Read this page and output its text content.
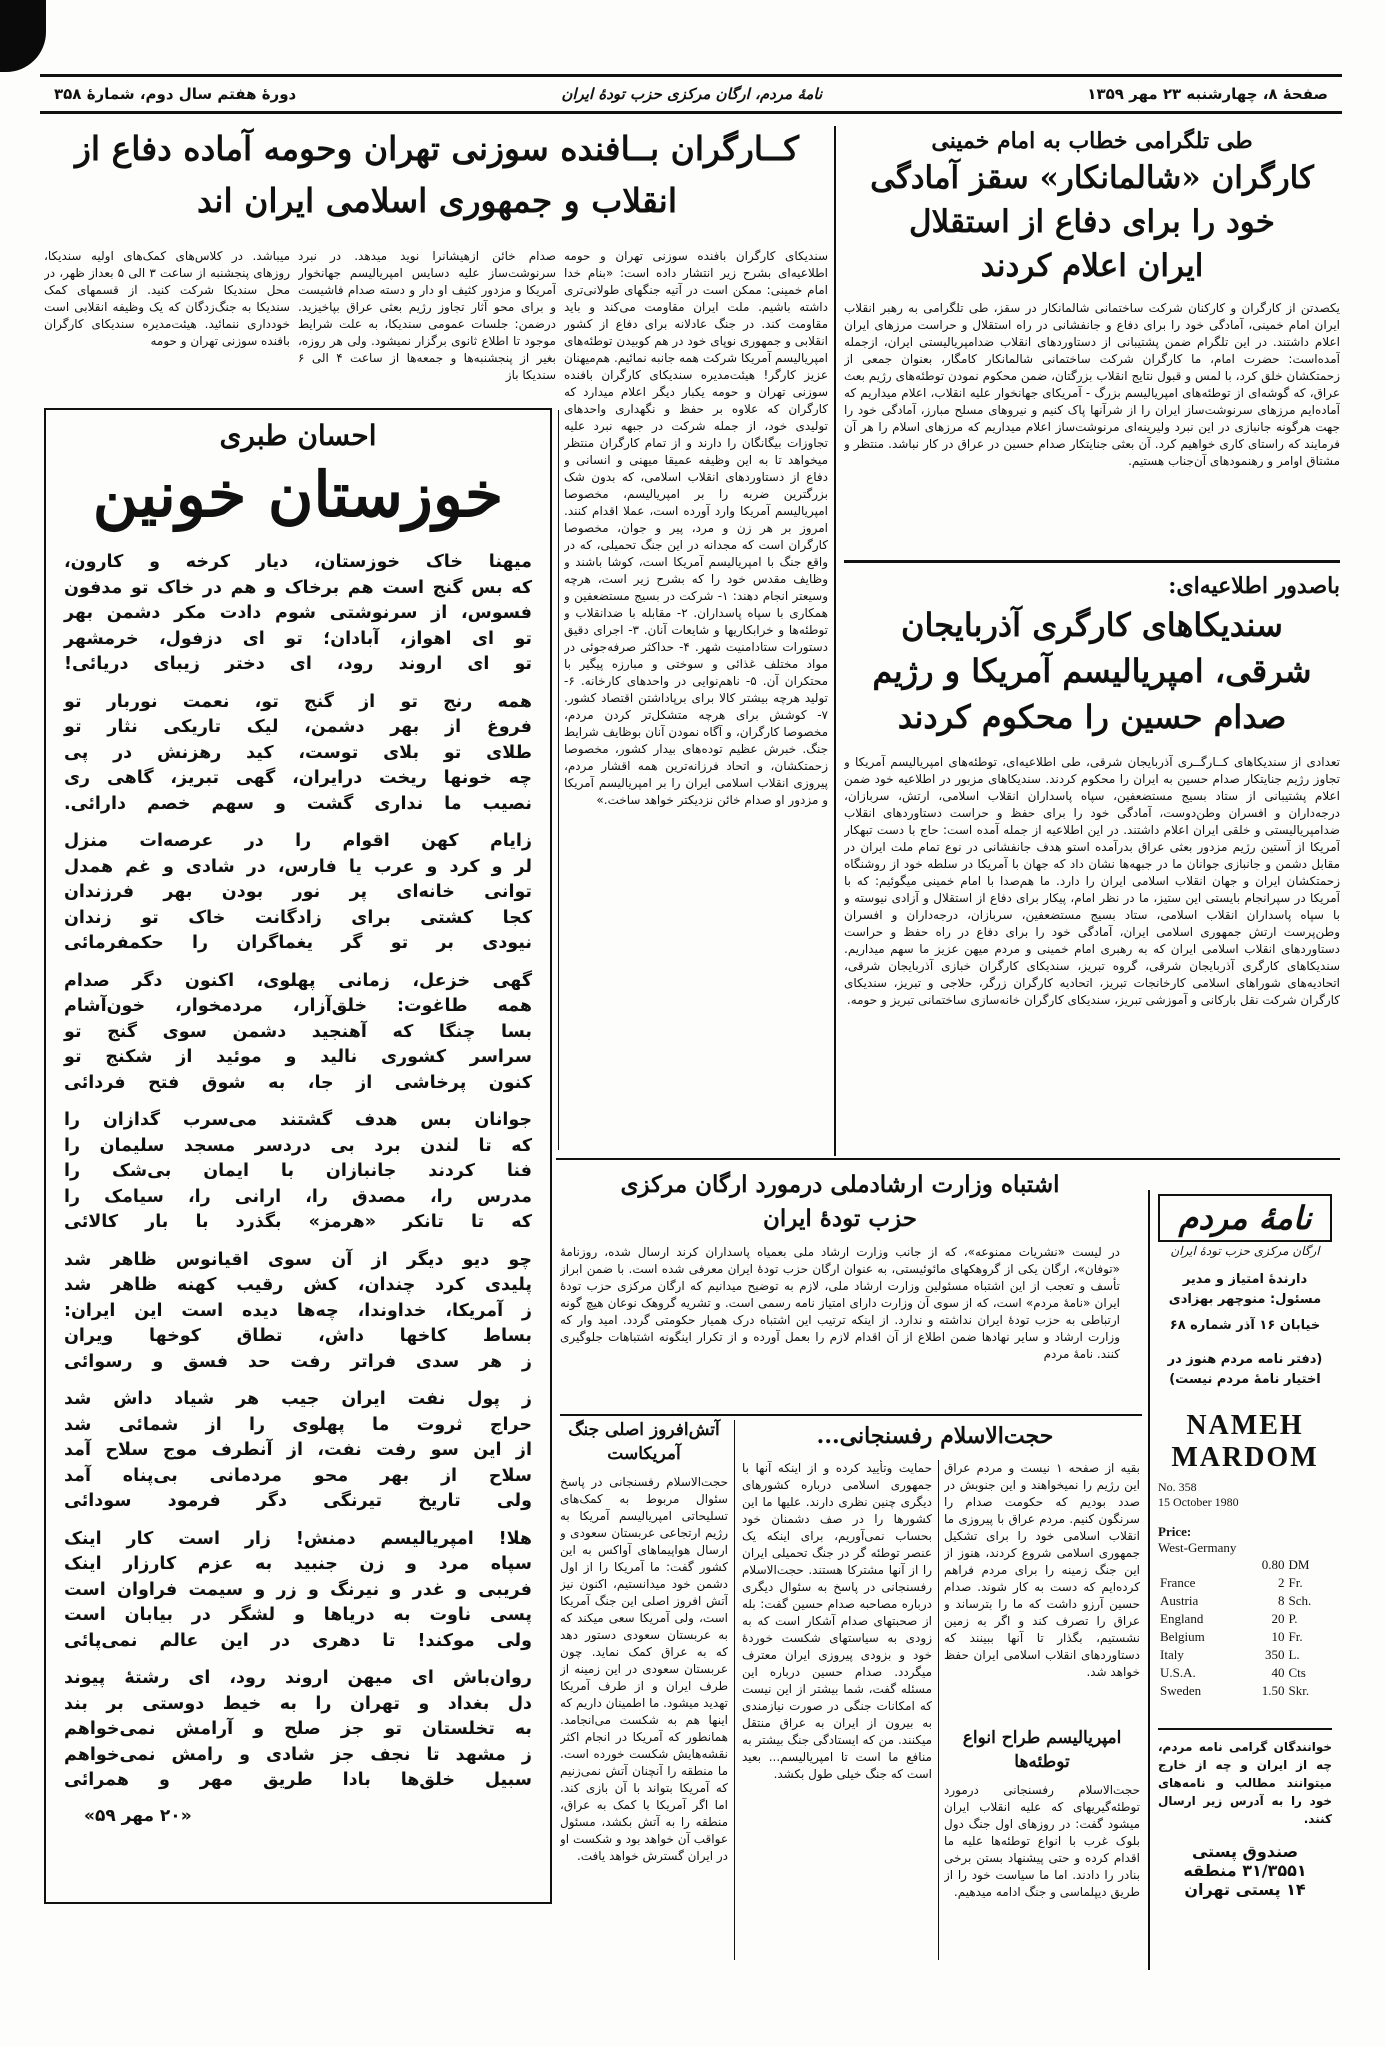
صفحهٔ ۸، چهارشنبه ۲۳ مهر ۱۳۵۹
نامهٔ مردم، ارگان مرکزی حزب تودهٔ ایران
دورهٔ هفتم سال دوم، شمارهٔ ۳۵۸
کــارگران بــافنده سوزنی تهران وحومه آماده دفاع از
انقلاب و جمهوری اسلامی ایران اند
سندیکای کارگران بافنده سوزنی تهران و حومه اطلاعیه‌ای بشرح زیر انتشار داده است: «بنام خدا امام خمینی: ممکن است در آتیه جنگهای طولانی‌تری داشته باشیم. ملت ایران مقاومت می‌کند و باید مقاومت کند. در جنگ عادلانه برای دفاع از کشور انقلابی و جمهوری نوپای خود در هم کوبیدن توطئه‌های امپریالیسم آمریکا شرکت همه جانبه نمائیم. هم‌میهنان عزیز کارگر! هیئت‌مدیره سندیکای کارگران بافنده سوزنی تهران و حومه یکبار دیگر اعلام میدارد که کارگران که علاوه بر حفظ و نگهداری واحدهای تولیدی خود، از جمله شرکت در جبهه نبرد علیه تجاوزات بیگانگان را دارند و از تمام کارگران منتظر میخواهد تا به این وظیفه عمیقا میهنی و انسانی و دفاع از دستاوردهای انقلاب اسلامی، که بدون شک بزرگترین ضربه را بر امپریالیسم، مخصوصا امپریالیسم آمریکا وارد آورده است، عملا اقدام کنند. امروز بر هر زن و مرد، پیر و جوان، مخصوصا کارگران است که مجدانه در این جنگ تحمیلی، که در واقع جنگ با امپریالیسم آمریکا است، کوشا باشند و وظایف مقدس خود را که بشرح زیر است، هرچه وسیعتر انجام دهند: ۱- شرکت در بسیج مستضعفین و همکاری با سپاه پاسداران. ۲- مقابله با ضدانقلاب و توطئه‌ها و خرابکاریها و شایعات آنان. ۳- اجرای دقیق دستورات ستادامنیت شهر. ۴- حداکثر صرفه‌جوئی در مواد مختلف غذائی و سوختی و مبارزه پیگیر با محتکران آن. ۵- ناهم‌نوایی در واحدهای کارخانه. ۶- تولید هرچه بیشتر کالا برای برپاداشتن اقتصاد کشور. ۷- کوشش برای هرچه متشکل‌تر کردن مردم، مخصوصا کارگران، و آگاه نمودن آنان بوظایف شرایط جنگ. خبرش عظیم توده‌های بیدار کشور، مخصوصا زحمتکشان، و اتحاد فرزانه‌ترین همه اقشار مردم، پیروزی انقلاب اسلامی ایران را بر امپریالیسم آمریکا و مزدور او صدام خائن نزدیکتر خواهد ساخت.»
صدام خائن ازهیشانرا نوید میدهد. در نبرد سرنوشت‌ساز علیه دسایس امپریالیسم جهانخوار آمریکا و مزدور کثیف او دار و دسته صدام فاشیست و برای محو آثار تجاوز رژیم بعثی عراق بپاخیزید. درضمن: جلسات عمومی سندیکا، به علت شرایط موجود تا اطلاع ثانوی برگزار نمیشود. ولی هر روزه، بغیر از پنجشنبه‌ها و جمعه‌ها از ساعت ۴ الی ۶ سندیکا باز
میباشد. در کلاس‌های کمک‌های اولیه سندیکا، روزهای پنجشنبه از ساعت ۳ الی ۵ بعداز ظهر، در محل سندیکا شرکت کنید. از قسمهای کمک سندیکا به جنگ‌زدگان که یک وظیفه انقلابی است خودداری ننمائید. هیئت‌مدیره سندیکای کارگران بافنده سوزنی تهران و حومه
احسان طبری
خوزستان خونین

میهنا خاک خوزستان، دیار کرخه و کارون،
که بس گنج است هم برخاک و هم در خاک تو مدفون
فسوس، از سرنوشتی شوم دادت مکر دشمن بهر
تو ای اهواز، آبادان؛ تو ای دزفول، خرمشهر
تو ای اروند رود، ای دختر زیبای دریائی!

همه رنج تو از گنج تو، نعمت نوربار تو
فروغ از بهر دشمن، لیک تاریکی نثار تو
طلای تو بلای توست، کید رهزنش در پی
چه خونها ریخت درایران، گهی تبریز، گاهی ری
نصیب ما نداری گشت و سهم خصم دارائی.

زایام کهن اقوام را در عرصه‌ات منزل
لر و کرد و عرب یا فارس، در شادی و غم همدل
توانی خانه‌ای پر نور بودن بهر فرزندان
کجا کشتی برای زادگانت خاک تو زندان
نیودی بر تو گر یغماگران را حکمفرمائی

گهی خزعل، زمانی پهلوی، اکنون دگر صدام
همه طاغوت: خلق‌آزار، مردمخوار، خون‌آشام
بسا چنگا که آهنجید دشمن سوی گنج تو
سراسر کشوری نالید و موئید از شکنج تو
کنون پرخاشی از جا، به شوق فتح فردائی

جوانان بس هدف گشتند می‌سرب گدازان را
که تا لندن برد بی دردسر مسجد سلیمان را
فنا کردند جانبازان با ایمان بی‌شک را
مدرس را، مصدق را، ارانی را، سیامک را
که تا تانکر «هرمز» بگذرد با بار کالائی

چو دیو دیگر از آن سوی اقیانوس ظاهر شد
پلیدی کرد چندان، کش رقیب کهنه ظاهر شد
ز آمریکا، خداوندا، چه‌ها دیده است این ایران:
بساط کاخها داش، تطاق کوخها ویران
ز هر سدی فراتر رفت حد فسق و رسوائی

ز پول نفت ایران جیب هر شیاد داش شد
حراج ثروت ما پهلوی را از شمائی شد
از این سو رفت نفت، از آنطرف موج سلاح آمد
سلاح از بهر محو مردمانی بی‌پناه آمد
ولی تاریخ تیرنگی دگر فرمود سودائی

هلا! امپریالیسم دمنش! زار است کار اینک
سپاه مرد و زن جنبید به عزم کارزار اینک
فریبی و غدر و نیرنگ و زر و سیمت فراوان است
پسی ناوت به دریاها و لشگر در بیابان است
ولی موکند! تا دهری در این عالم نمی‌پائی

روان‌باش ای میهن اروند رود، ای رشتهٔ پیوند
دل بغداد و تهران را به خیط دوستی بر بند
به تخلستان تو جز صلح و آرامش نمی‌خواهم
ز مشهد تا نجف جز شادی و رامش نمی‌خواهم
سبیل خلق‌ها بادا طریق مهر و همرائی

«۲۰ مهر ۵۹»
طی تلگرامی خطاب به امام خمینی
کارگران «شالمانکار» سقز آمادگی
خود را برای دفاع از استقلال
ایران اعلام کردند
یکصدتن از کارگران و کارکنان شرکت ساختمانی شالمانکار در سقز، طی تلگرامی به رهبر انقلاب ایران امام خمینی، آمادگی خود را برای دفاع و جانفشانی در راه استقلال و حراست مرزهای ایران اعلام داشتند. در این تلگرام ضمن پشتیبانی از دستاوردهای انقلاب ضدامپریالیستی ایران، ازجمله آمده‌است: حضرت امام، ما کارگران شرکت ساختمانی شالمانکار کامگار، بعنوان جمعی از زحمتکشان خلق کرد، با لمس و قبول نتایج انقلاب بزرگتان، ضمن محکوم نمودن توطئه‌های رژیم بعث عراق، که گوشه‌ای از توطئه‌های امپریالیسم بزرگ - آمریکای جهانخوار علیه انقلاب، اعلام میداریم که آماده‌ایم مرزهای سرنوشت‌ساز ایران را از شرآنها پاک کنیم و نیروهای مسلح مبارز، آمادگی خود را جهت هرگونه جانبازی در این نبرد ولیرینه‌ای مرنوشت‌ساز اعلام میداریم که مرزهای اسلام را هر آن فرمایند که راستای کاری خواهیم کرد. آن بعثی جنایتکار صدام حسین در عراق در کار نباشد. منتظر و مشتاق اوامر و رهنمودهای آن‌جناب هستیم.
باصدور اطلاعیه‌ای:
سندیکاهای کارگری آذربایجان
شرقی، امپریالیسم آمریکا و رژیم
صدام حسین را محکوم کردند
تعدادی از سندیکاهای کــارگــری آذربایجان شرقی، طی اطلاعیه‌ای، توطئه‌های امپریالیسم آمریکا و تجاوز رژیم جنایتکار صدام حسین به ایران را محکوم کردند. سندیکاهای مزبور در اطلاعیه خود ضمن اعلام پشتیبانی از ستاد بسیج مستضعفین، سپاه پاسداران انقلاب اسلامی، ارتش، سربازان، درجه‌داران و افسران وطن‌دوست، آمادگی خود را برای حفظ و حراست دستاوردهای انقلاب ضدامپریالیستی و خلقی ایران اعلام داشتند. در این اطلاعیه از جمله آمده است: حاج با دست تبهکار آمریکا از آستین رژیم مزدور بعثی عراق بدرآمده استو هدف جانفشانی در نوع تمام ملت ایران در مقابل دشمن و جانبازی جوانان ما در جبهه‌ها نشان داد که جهان با آمریکا در سلطه خود از روشنگاه زحمتکشان ایران و جهان انقلاب اسلامی ایران را دارد. ما هم‌صدا با امام خمینی میگوئیم: که با آمریکا در سپرانجام بایستی این ستیز، ما در نظر امام، پیکار برای دفاع از استقلال و آزادی نیوسته و با سپاه پاسداران انقلاب اسلامی، ستاد بسیج مستضعفین، سربازان، درجه‌داران و افسران وطن‌پرست ارتش جمهوری اسلامی ایران، آمادگی خود را برای دفاع در راه حفظ و حراست دستاوردهای انقلاب اسلامی ایران که به رهبری امام خمینی و مردم میهن عزیز ما سهم میداریم. سندیکاهای کارگری آذربایجان شرقی، گروه تبریز، سندیکای کارگران خبازی آذربایجان شرقی، اتحادیه‌های شوراهای اسلامی کارخانجات تبریز، اتحادیه کارگران زرگر، حلاجی و تبریز، سندیکای کارگران شرکت نقل بارکانی و آموزشی تبریز، سندیکای کارگران خانه‌سازی ساختمانی تبریز و حومه.
اشتباه وزارت ارشادملی درمورد ارگان مرکزی
حزب تودهٔ ایران
در لیست «نشریات ممنوعه»، که از جانب وزارت ارشاد ملی بعمیاه پاسداران کرند ارسال شده، روزنامهٔ «توفان»، ارگان یکی از گروهکهای مائوئیستی، به عنوان ارگان حزب تودهٔ ایران معرفی شده است. با ضمن ابراز تأسف و تعجب از این اشتباه مسئولین وزارت ارشاد ملی، لازم به توضیح میدانیم که ارگان مرکزی حزب تودهٔ ایران «نامهٔ مردم» است، که از سوی آن وزارت دارای امتیاز نامه رسمی است. و تشریه گروهک نوعان هیچ گونه ارتباطی به حزب تودهٔ ایران نداشته و ندارد. از اینکه ترتیب این اشتباه درک همیار حکومتی گردد. امید وار که وزارت ارشاد و سایر نهادها ضمن اطلاع از آن اقدام لازم را بعمل آورده و از تکرار اینگونه اشتباهات جلوگیری کنند. نامهٔ مردم
نامهٔ مردم
ارگان مرکزی حزب تودهٔ ایران
دارندهٔ امتیاز و مدیر مسئول: منوچهر بهزادی
خیابان ۱۶ آذر شماره ۶۸
(دفتر نامه مردم هنوز در اختیار نامهٔ مردم نیست)
NAMEH
MARDOM
No. 358
15 October 1980
Price:
West-Germany
	0.80	DM
France	2	Fr.
Austria	8	Sch.
England	20	P.
Belgium	10	Fr.
Italy	350	L.
U.S.A.	40	Cts
Sweden	1.50	Skr.
خوانندگان گرامی نامه مردم، چه از ایران و چه از خارج میتوانند مطالب و نامه‌های خود را به آدرس زیر ارسال کنند.
صندوق پستی
۳۱/۳۵۵۱ منطقه
۱۴ پستی تهران
حجت‌الاسلام رفسنجانی...
بقیه از صفحه ۱ نیست و مردم عراق این رژیم را نمیخواهند و این جنوبش در صدد بودیم که حکومت صدام را سرنگون کنیم. مردم عراق با پیروزی ما انقلاب اسلامی خود را برای تشکیل جمهوری اسلامی شروع کردند، هنوز از این جنگ زمینه را برای مردم فراهم کرده‌ایم که دست به کار شوند. صدام حسین آرزو داشت که ما را بترساند و عراق را تصرف کند و اگر به زمین نشستیم، بگذار تا آنها ببینند که دستاوردهای انقلاب اسلامی ایران حفظ خواهد شد.
امپریالیسم طراح انواع توطئه‌ها
حجت‌الاسلام رفسنجانی درمورد توطئه‌گیریهای که علیه انقلاب ایران میشود گفت: در روزهای اول جنگ دول بلوک غرب با انواع توطئه‌ها علیه ما اقدام کرده و حتی پیشنهاد بستن برخی بنادر را دادند. اما ما سیاست خود را از طریق دیپلماسی و جنگ ادامه میدهیم.
حمایت وتأیید کرده و از اینکه آنها با جمهوری اسلامی درباره کشورهای دیگری چنین نظری دارند. علیها ما این کشورها را در صف دشمنان خود بحساب نمی‌آوریم، برای اینکه یک عنصر توطئه گر در جنگ تحمیلی ایران را از آنها مشترکا هستند. حجت‌الاسلام رفسنجانی در پاسخ به سئوال دیگری درباره مصاحبه صدام حسین گفت: بله از صحبتهای صدام آشکار است که به زودی به سیاستهای شکست خوردهٔ خود و بزودی پیروزی ایران معترف میگردد. صدام حسین درباره این مسئله گفت، شما بیشتر از این نیست که امکانات جنگی در صورت نیازمندی به بیرون از ایران به عراق منتقل میکنند. من که ایستادگی جنگ بیشتر به منافع ما است تا امپریالیسم... بعید است که جنگ خیلی طول بکشد.
آتش‌افروز اصلی جنگ
آمریکاست
حجت‌الاسلام رفسنجانی در پاسخ سئوال مربوط به کمک‌های تسلیحاتی امپریالیسم آمریکا به رژیم ارتجاعی عربستان سعودی و ارسال هواپیماهای آواکس به این کشور گفت: ما آمریکا را از اول دشمن خود میدانستیم، اکنون نیز آتش افروز اصلی این جنگ آمریکا است، ولی آمریکا سعی میکند که به عربستان سعودی دستور دهد که به عراق کمک نماید. چون عربستان سعودی در این زمینه از طرف ایران و از طرف آمریکا تهدید میشود. ما اطمینان داریم که اینها هم به شکست می‌انجامد. همانطور که آمریکا در انجام اکثر نقشه‌هایش شکست خورده است. ما منطقه را آنچنان آتش نمی‌زنیم که آمریکا بتواند با آن بازی کند. اما اگر آمریکا با کمک به عراق، منطقه را به آتش بکشد، مسئول عواقب آن خواهد بود و شکست او در ایران گسترش خواهد یافت.
